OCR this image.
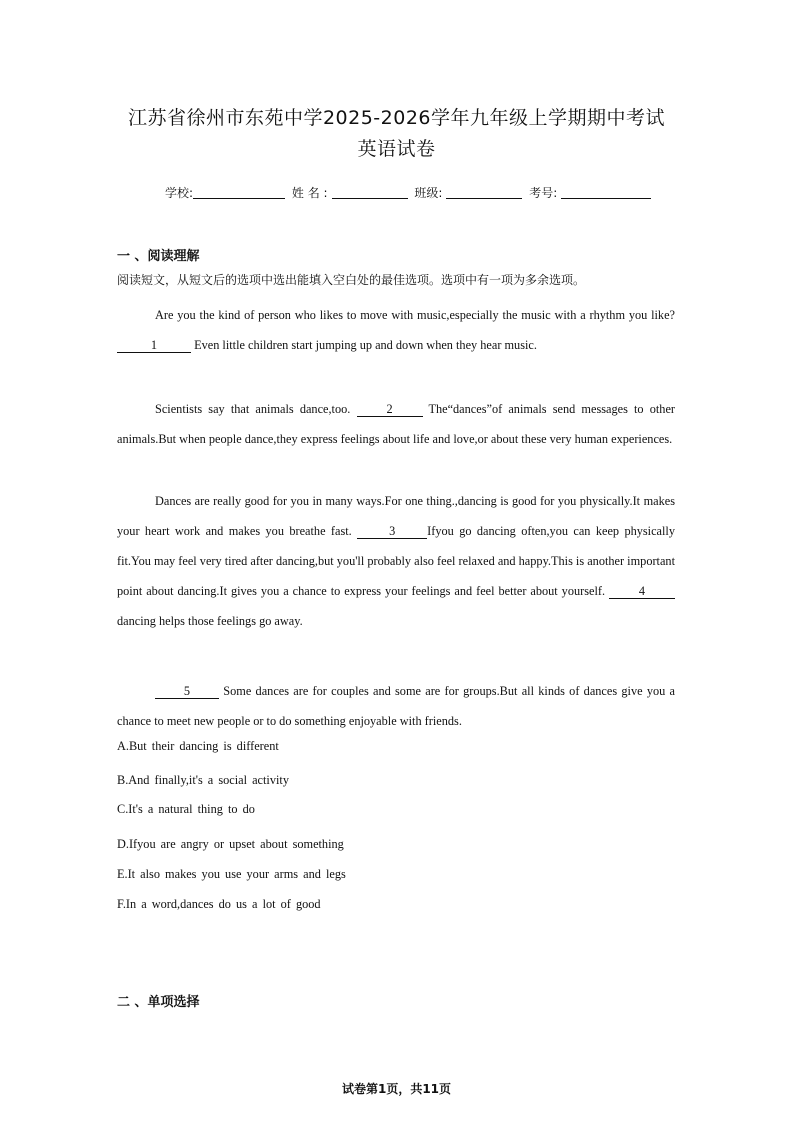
江苏省徐州市东苑中学2025-2026学年九年级上学期期中考试
英语试卷
学校:	姓 名 :	班级:	考号:
一 、阅读理解
阅读短文，从短文后的选项中选出能填入空白处的最佳选项。选项中有一项为多余选项。
Are you the kind of person who likes to move with music,especially the music with a rhythm you like? 1	Even little children start jumping up and down when they hear music.
Scientists say that animals dance,too.	2	The“dances”of animals send messages to other animals.But when people dance,they express feelings about life and love,or about these very human experiences.
Dances are really good for you in many ways.For one thing.,dancing is good for you physically.It makes your heart work and makes you breathe fast.	3	Ifyou go dancing often,you can keep physically fit.You may feel very tired after dancing,but you'll probably also feel relaxed and happy.This is another important point about dancing.It gives you a chance to express your feelings and feel better about yourself.	4 dancing helps those feelings go away.
5	Some dances are for couples and some are for groups.But all kinds of dances give you a chance to meet new people or to do something enjoyable with friends.
A.But their dancing is different
B.And finally,it's a social activity
C.It's a natural thing to do
D.Ifyou are angry or upset about something
E.It also makes you use your arms and legs
F.In a word,dances do us a lot of good
二 、单项选择
试卷第1页，共11页
